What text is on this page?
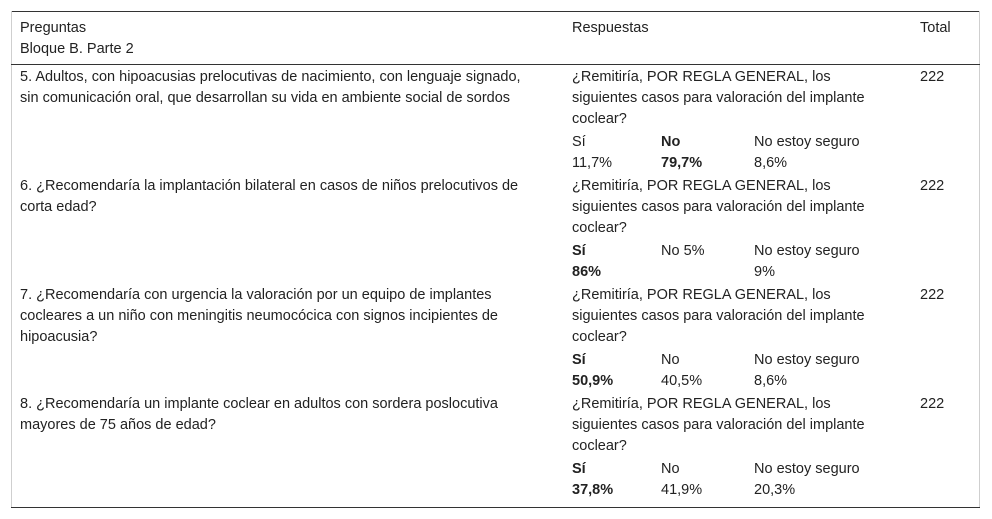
Preguntas
Bloque B. Parte 2
Respuestas	Total
5. Adultos, con hipoacusias prelocutivas de nacimiento, con lenguaje signado, sin comunicación oral, que desarrollan su vida en ambiente social de sordos
¿Remitiría, POR REGLA GENERAL, los siguientes casos para valoración del implante coclear?
222
Sí
11,7%
No
79,7%
No estoy seguro
8,6%
6. ¿Recomendaría la implantación bilateral en casos de niños prelocutivos de corta edad?
¿Remitiría, POR REGLA GENERAL, los siguientes casos para valoración del implante coclear?
222
Sí
86%
No 5%	No estoy seguro
9%
7. ¿Recomendaría con urgencia la valoración por un equipo de implantes cocleares a un niño con meningitis neumocócica con signos incipientes de hipoacusia?
¿Remitiría, POR REGLA GENERAL, los siguientes casos para valoración del implante coclear?
222
Sí
50,9%
No
40,5%
No estoy seguro
8,6%
8. ¿Recomendaría un implante coclear en adultos con sordera poslocutiva mayores de 75 años de edad?
¿Remitiría, POR REGLA GENERAL, los siguientes casos para valoración del implante coclear?
222
Sí
37,8%
No
41,9%
No estoy seguro
20,3%
